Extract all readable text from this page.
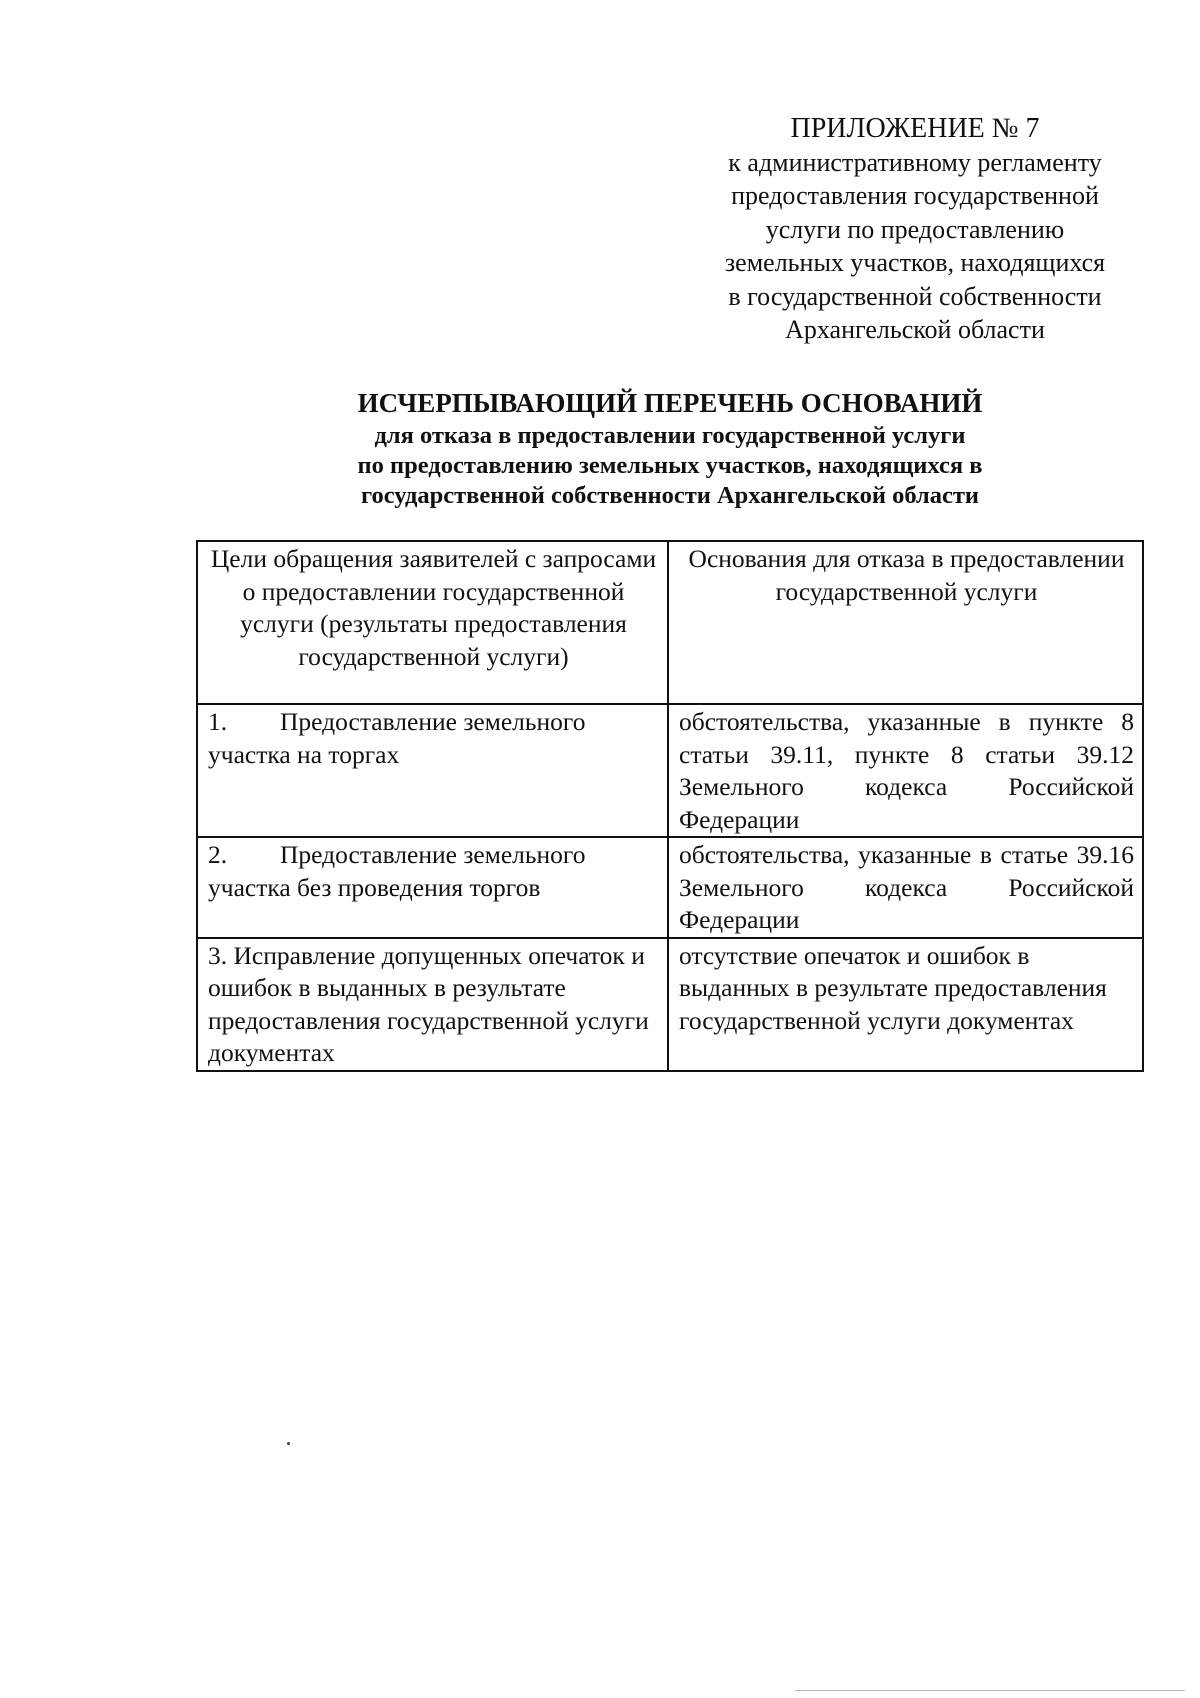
ПРИЛОЖЕНИЕ № 7
к административному регламенту
предоставления государственной
услуги по предоставлению
земельных участков, находящихся
в государственной собственности
Архангельской области
ИСЧЕРПЫВАЮЩИЙ ПЕРЕЧЕНЬ ОСНОВАНИЙ
для отказа в предоставлении государственной услуги
по предоставлению земельных участков, находящихся в
государственной собственности Архангельской области
Цели обращения заявителей с запросами о предоставлении государственной услуги (результаты предоставления государственной услуги)	Основания для отказа в предоставлении государственной услуги
1. Предоставление земельного участка на торгах	обстоятельства, указанные в пункте 8 статьи 39.11, пункте 8 статьи 39.12 Земельного кодекса Российской Федерации
2. Предоставление земельного участка без проведения торгов	обстоятельства, указанные в статье 39.16 Земельного кодекса Российской Федерации
3. Исправление допущенных опечаток и ошибок в выданных в результате предоставления государственной услуги документах	отсутствие опечаток и ошибок в выданных в результате предоставления государственной услуги документах
